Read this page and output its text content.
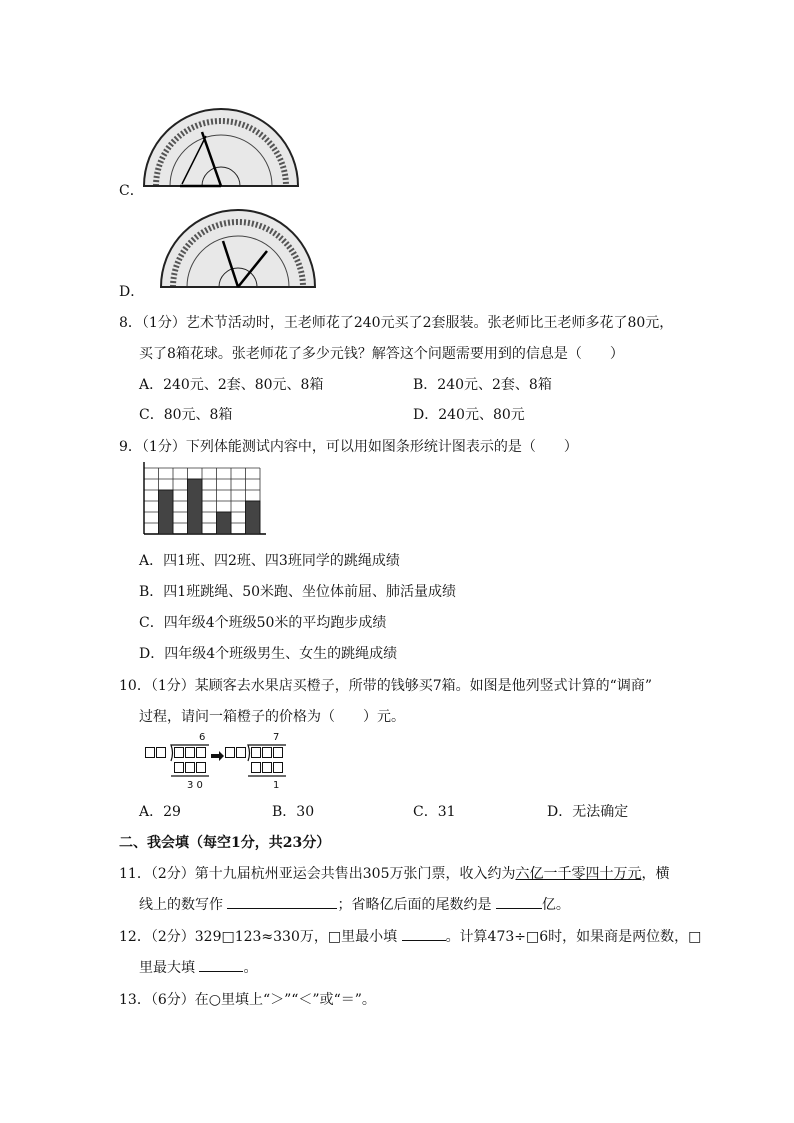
C．
D．
8．（1分）艺术节活动时，王老师花了240元买了2套服装。张老师比王老师多花了80元，
买了8箱花球。张老师花了多少元钱？解答这个问题需要用到的信息是（　　）
A．240元、2套、80元、8箱	B．240元、2套、8箱
C．80元、8箱	D．240元、80元
9．（1分）下列体能测试内容中，可以用如图条形统计图表示的是（　　）
A．四1班、四2班、四3班同学的跳绳成绩
B．四1班跳绳、50米跑、坐位体前屈、肺活量成绩
C．四年级4个班级50米的平均跑步成绩
D．四年级4个班级男生、女生的跳绳成绩
10．（1分）某顾客去水果店买橙子，所带的钱够买7箱。如图是他列竖式计算的“调商”
过程，请问一箱橙子的价格为（　　）元。
6
3 0
7
1
A．29	B．30	C．31	D．无法确定
二、我会填（每空1分，共23分）
11．（2分）第十九届杭州亚运会共售出305万张门票，收入约为六亿一千零四十万元，横
线上的数写作	；省略亿后面的尾数约是	亿。
12．（2分）329□123≈330万，□里最小填	。计算473÷□6时，如果商是两位数，□
里最大填	。
13．（6分）在○里填上“＞”“＜”或“＝”。
